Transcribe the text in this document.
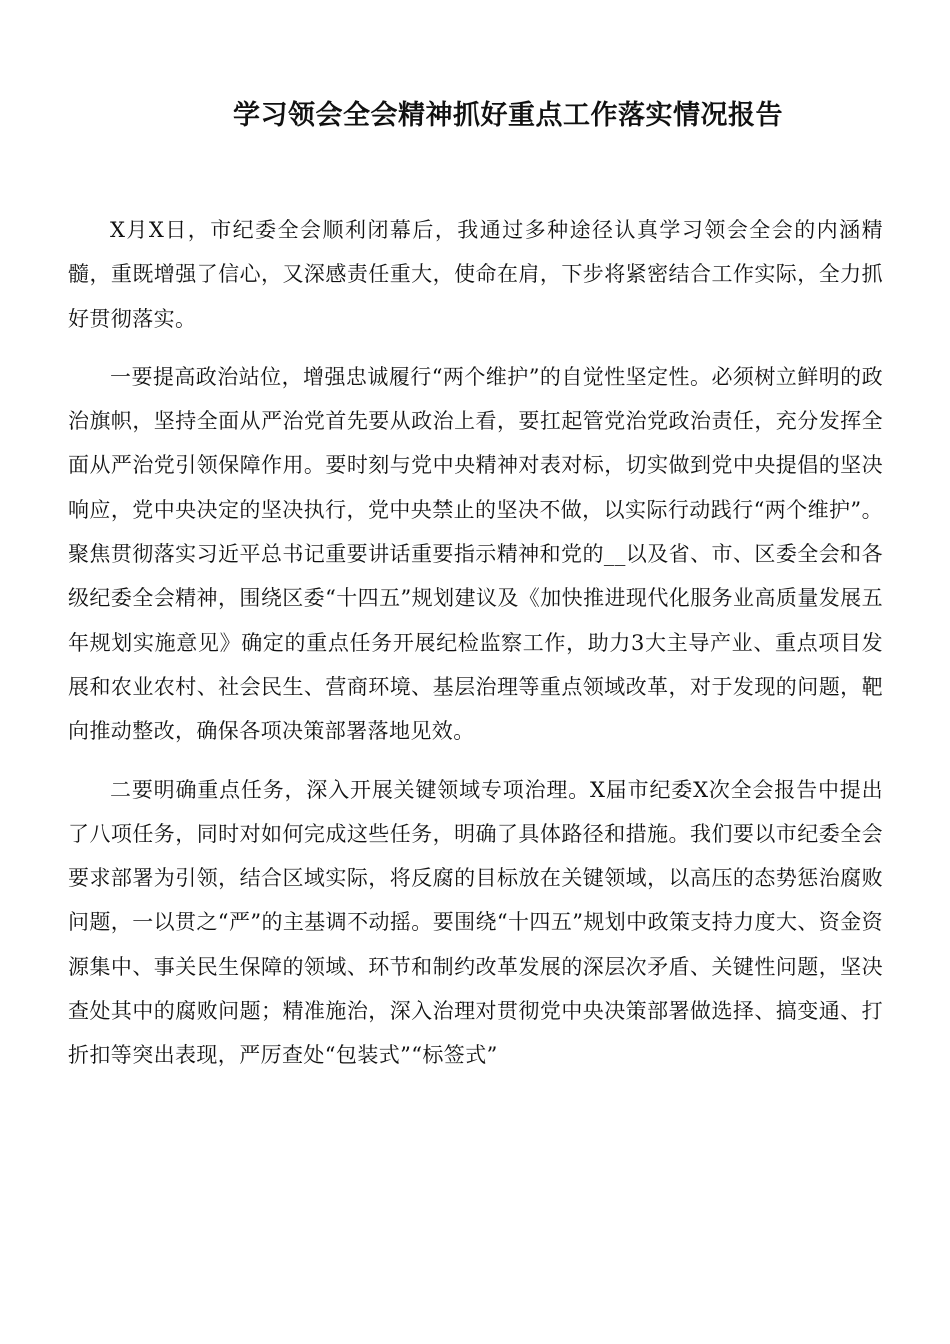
学习领会全会精神抓好重点工作落实情况报告

X月X日，市纪委全会顺利闭幕后，我通过多种途径认真学习领会全会的内涵精髓，重既增强了信心，又深感责任重大，使命在肩，下步将紧密结合工作实际，全力抓好贯彻落实。

一要提高政治站位，增强忠诚履行“两个维护”的自觉性坚定性。必须树立鲜明的政治旗帜，坚持全面从严治党首先要从政治上看，要扛起管党治党政治责任，充分发挥全面从严治党引领保障作用。要时刻与党中央精神对表对标，切实做到党中央提倡的坚决响应，党中央决定的坚决执行，党中央禁止的坚决不做，以实际行动践行“两个维护”。聚焦贯彻落实习近平总书记重要讲话重要指示精神和党的__以及省、市、区委全会和各级纪委全会精神，围绕区委“十四五”规划建议及《加快推进现代化服务业高质量发展五年规划实施意见》确定的重点任务开展纪检监察工作，助力3大主导产业、重点项目发展和农业农村、社会民生、营商环境、基层治理等重点领域改革，对于发现的问题，靶向推动整改，确保各项决策部署落地见效。

二要明确重点任务，深入开展关键领域专项治理。X届市纪委X次全会报告中提出了八项任务，同时对如何完成这些任务，明确了具体路径和措施。我们要以市纪委全会要求部署为引领，结合区域实际，将反腐的目标放在关键领域，以高压的态势惩治腐败问题，一以贯之“严”的主基调不动摇。要围绕“十四五”规划中政策支持力度大、资金资源集中、事关民生保障的领域、环节和制约改革发展的深层次矛盾、关键性问题，坚决查处其中的腐败问题；精准施治，深入治理对贯彻党中央决策部署做选择、搞变通、打折扣等突出表现，严厉查处“包装式”“标签式”
